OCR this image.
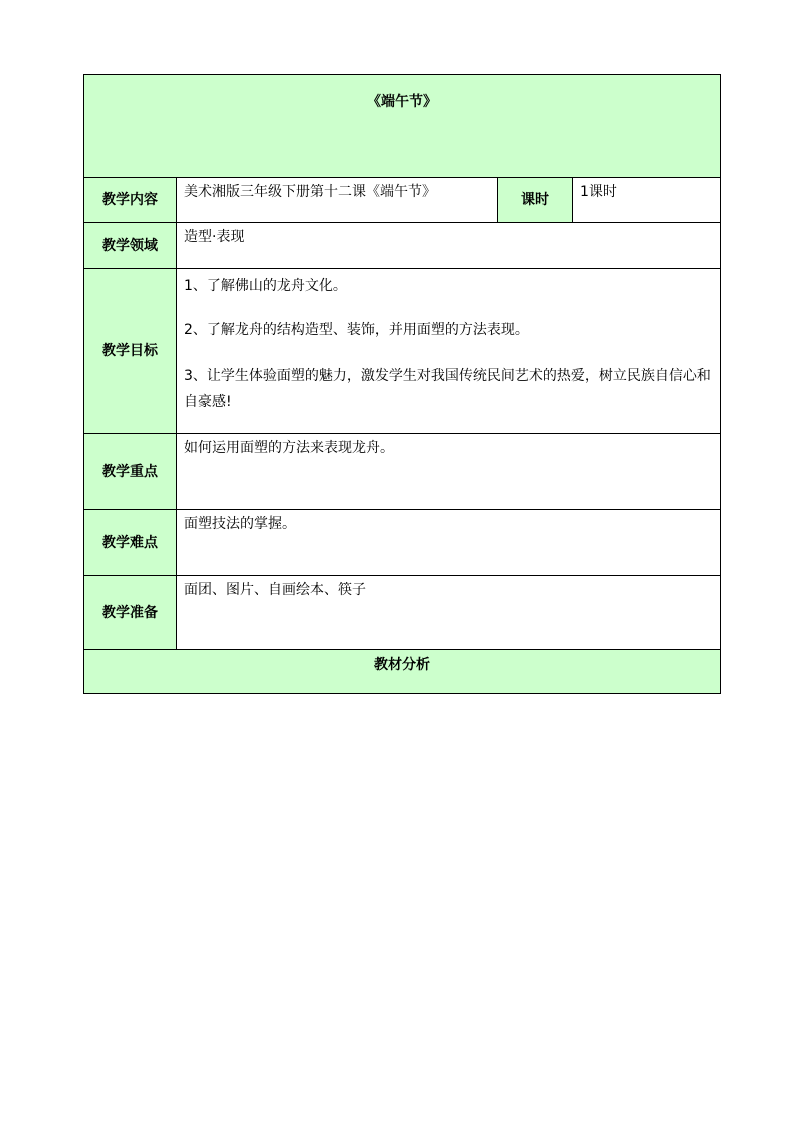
《端午节》			
教学内容	美术湘版三年级下册第十二课《端午节》	课时	1课时
教学领域	造型·表现		
教学目标	1、了解佛山的龙舟文化。

2、了解龙舟的结构造型、装饰，并用面塑的方法表现。

3、让学生体验面塑的魅力，激发学生对我国传统民间艺术的热爱，树立民族自信心和自豪感!		

教学重点	如何运用面塑的方法来表现龙舟。		
教学难点	面塑技法的掌握。		
教学准备	面团、图片、自画绘本、筷子		
教材分析			
